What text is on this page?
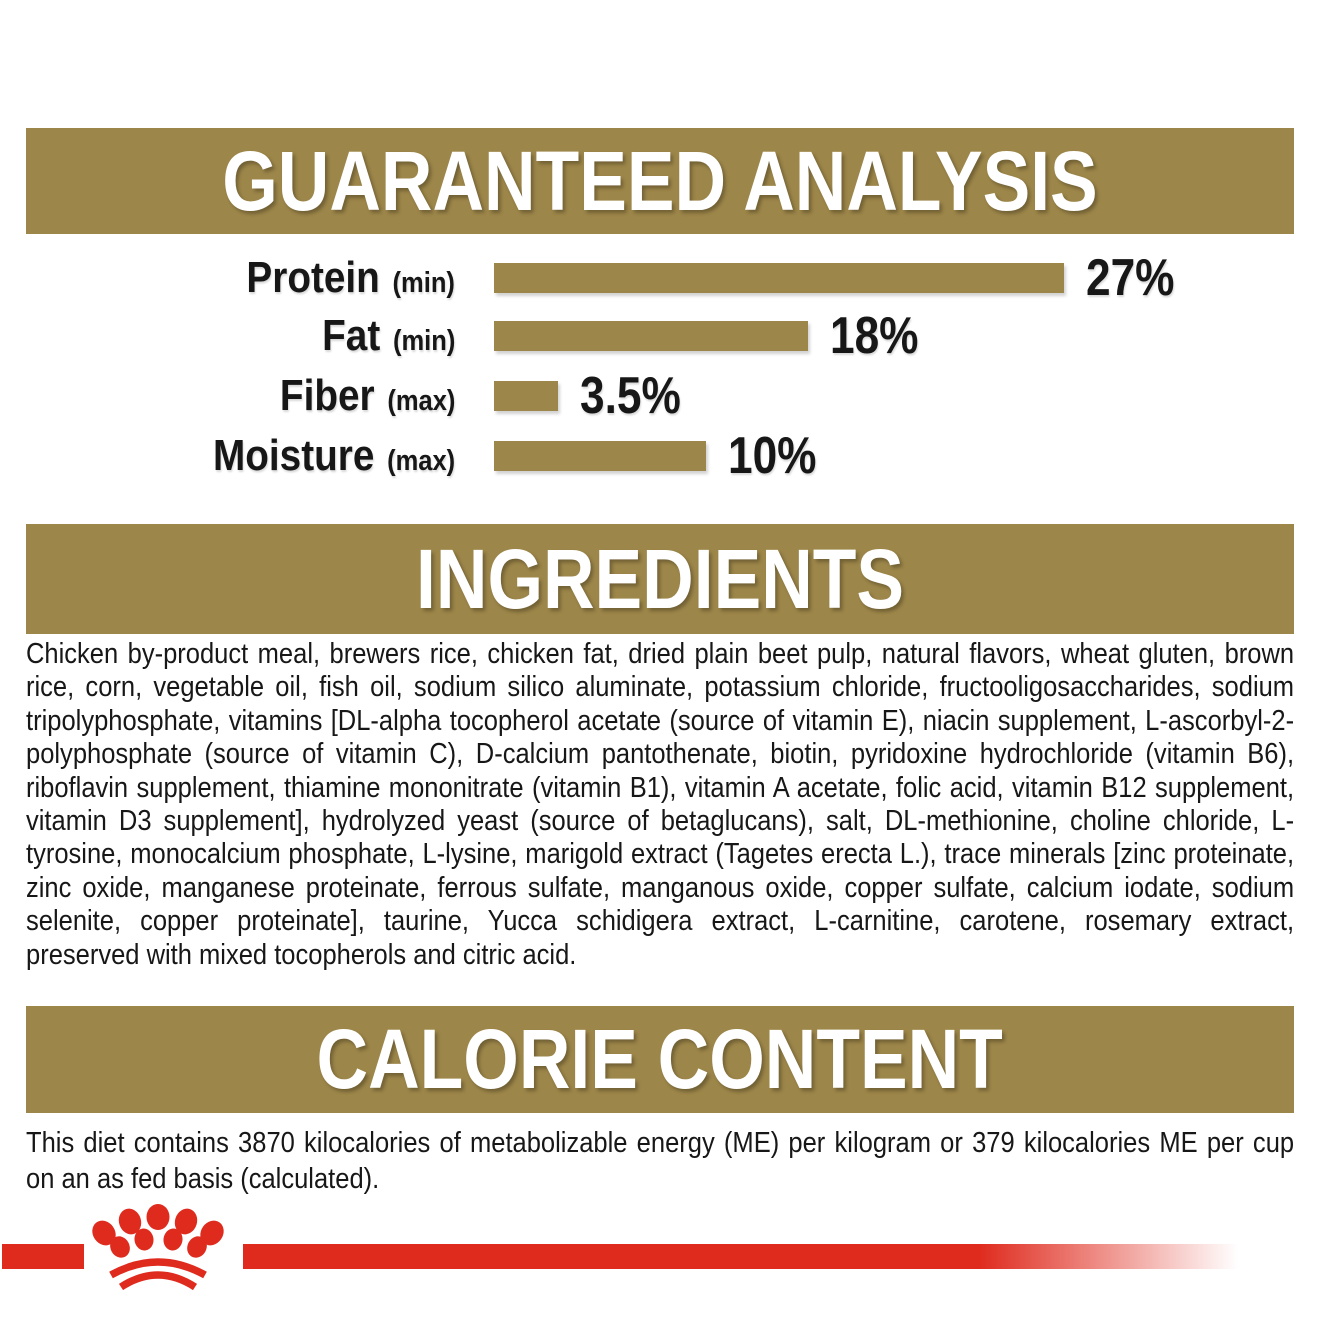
GUARANTEED ANALYSIS
Protein (min)	27%
Fat (min)	18%
Fiber (max) 3.5%
Moisture (max)	10%
INGREDIENTS

Chicken by-product meal, brewers rice, chicken fat, dried plain beet pulp, natural flavors, wheat gluten, brown rice, corn, vegetable oil, fish oil, sodium silico aluminate, potassium chloride, fructooligosaccharides, sodium tripolyphosphate, vitamins [DL-alpha tocopherol acetate (source of vitamin E), niacin supplement, L-ascorbyl-2-polyphosphate (source of vitamin C), D-calcium pantothenate, biotin, pyridoxine hydrochloride (vitamin B6), riboflavin supplement, thiamine mononitrate (vitamin B1), vitamin A acetate, folic acid, vitamin B12 supplement, vitamin D3 supplement], hydrolyzed yeast (source of betaglucans), salt, DL-methionine, choline chloride, L-tyrosine, monocalcium phosphate, L-lysine, marigold extract (Tagetes erecta L.), trace minerals [zinc proteinate, zinc oxide, manganese proteinate, ferrous sulfate, manganous oxide, copper sulfate, calcium iodate, sodium selenite, copper proteinate], taurine, Yucca schidigera extract, L-carnitine, carotene, rosemary extract, preserved with mixed tocopherols and citric acid.

CALORIE CONTENT

This diet contains 3870 kilocalories of metabolizable energy (ME) per kilogram or 379 kilocalories ME per cup on an as fed basis (calculated).
